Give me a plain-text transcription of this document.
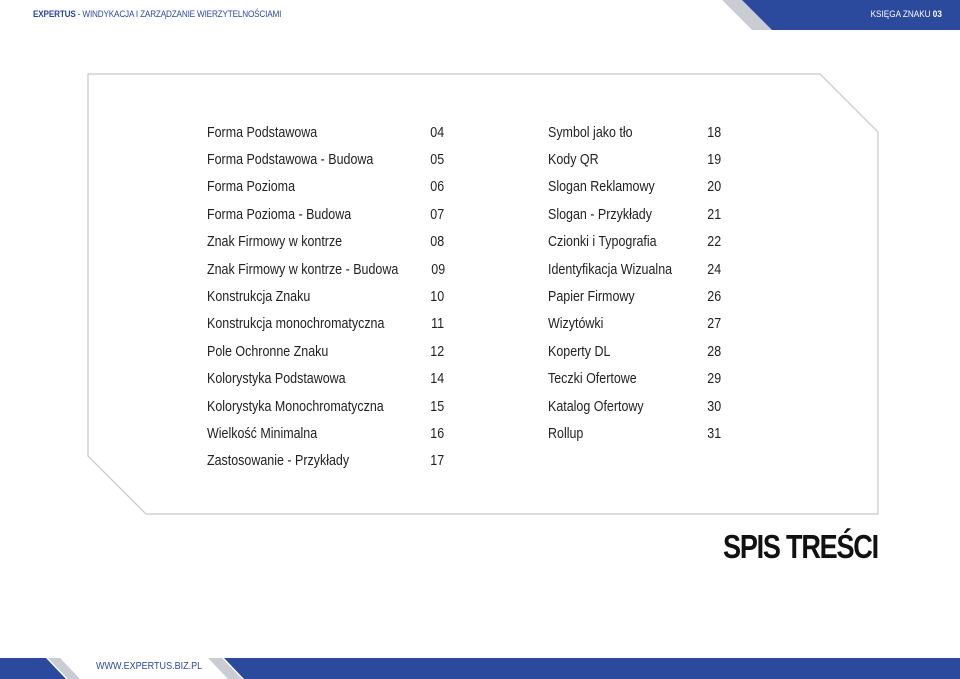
EXPERTUS - WINDYKACJA I ZARZĄDZANIE WIERZYTELNOŚCIAMI	KSIĘGA ZNAKU 03
Forma Podstawowa	04
Forma Podstawowa - Budowa	05
Forma Pozioma	06
Forma Pozioma - Budowa	07
Znak Firmowy w kontrze	08
Znak Firmowy w kontrze - Budowa 09
Konstrukcja Znaku	10
Konstrukcja monochromatyczna	11
Pole Ochronne Znaku	12
Kolorystyka Podstawowa	14
Kolorystyka Monochromatyczna	15
Wielkość Minimalna	16
Zastosowanie - Przykłady	17
Symbol jako tło	18
Kody QR	19
Slogan Reklamowy	20
Slogan - Przykłady	21
Czionki i Typografia	22
Identyfikacja Wizualna 24
Papier Firmowy	26
Wizytówki	27
Koperty DL	28
Teczki Ofertowe	29
Katalog Ofertowy	30
Rollup	31
SPIS TREŚCI
WWW.EXPERTUS.BIZ.PL
